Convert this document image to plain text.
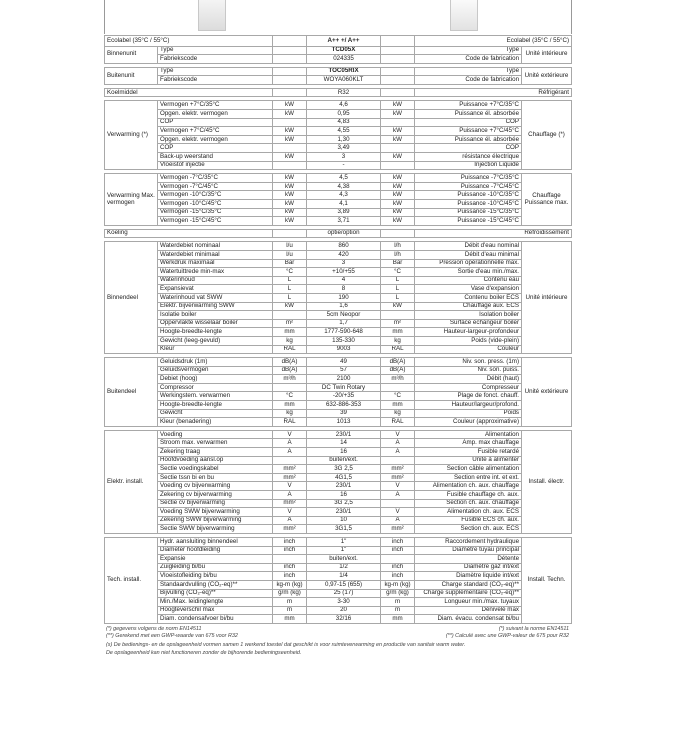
Ecolabel (35°C / 55°C)			A++ +/ A++		Ecolabel (35°C / 55°C)	
Binnenunit	Type		TCD05X		Type	Unité intérieure
	Fabriekscode		024335		Code de fabrication	

Buitenunit	Type		TOC05RIX		Type	Unité extérieure
	Fabriekscode		WOYA060KLT		Code de fabrication	

Koelmiddel			R32		Réfrigérant	

Verwarming (*)	Vermogen +7°C/35°C	kW	4,6	kW	Puissance +7°C/35°C	Chauffage (*)
	Opgen. elektr. vermogen	kW	0,95	kW	Puissance él. absorbée	
	COP		4,83		COP	
	Vermogen +7°C/45°C	kW	4,55	kW	Puissance +7°C/45°C	
	Opgen. elektr. vermogen	kW	1,30	kW	Puissance él. absorbée	
	COP		3,49		COP	
	Back-up weerstand	kW	3	kW	résistance électrique	
	Vloeistof injectie		-		Injection Liquide	

Verwarming Max. vermogen	Vermogen -7°C/35°C	kW	4,5	kW	Puissance -7°C/35°C	Chauffage Puissance max.
	Vermogen -7°C/45°C	kW	4,38	kW	Puissance -7°C/45°C	
	Vermogen -10°C/35°C	kW	4,3	kW	Puissance -10°C/35°C	
	Vermogen -10°C/45°C	kW	4,1	kW	Puissance -10°C/45°C	
	Vermogen -15°C/35°C	kW	3,89	kW	Puissance -15°C/35°C	
	Vermogen -15°C/45°C	kW	3,71	kW	Puissance -15°C/45°C	

Koeling			optie/option		Refroidissement	

Binnendeel	Waterdebiet nominaal	l/u	860	l/h	Débit d'eau nominal	Unité intérieure
	Waterdebiet minimaal	l/u	420	l/h	Débit d'eau minimal	
	Werkdruk maximaal	Bar	3	Bar	Pression opérationnelle max.	
	Watertuittrede min-max	°C	+10/+55	°C	Sortie d'eau min./max.	
	Waterinhoud	L	4	L	Contenu eau	
	Expansievat	L	8	L	Vase d'expansion	
	Waterinhoud vat SWW	L	190	L	Contenu boiler ECS	
	Elektr. bijverwarming SWW	kW	1,6	kW	Chauffage aux. ECS	
	Isolatie boiler		5cm Neopor		Isolation boiler	
	Oppervlakte wisselaar boiler	m²	1,7	m²	Surface echangeur boiler	
	Hoogte-breedte-lengte	mm	1777-590-648	mm	Hauteur-largeur-profondeur	
	Gewicht (leeg-gevuld)	kg	135-330	kg	Poids (vide-plein)	
	Kleur	RAL	9003	RAL	Couleur	

Buitendeel	Geluidsdruk (1m)	dB(A)	49	dB(A)	Niv. son. press. (1m)	Unité extérieure
	Geluidsvermogen	dB(A)	57	dB(A)	Niv. son. puiss.	
	Debiet (hoog)	m³/h	2100	m³/h	Débit (haut)	
	Compressor		DC Twin Rotary		Compresseur	
	Werkingstem. verwarmen	°C	-20/+35	°C	Plage de fonct. chauff.	
	Hoogte-breedte-lengte	mm	632-886-353	mm	Hauteur/largeur/profond.	
	Gewicht	kg	39	kg	Poids	
	Kleur (benadering)	RAL	1013	RAL	Couleur (approximative)	

Elektr. install.	Voeding	V	230/1	V	Alimentation	Install. électr.
	Stroom max. verwarmen	A	14	A	Amp. max chauffage	
	Zekering traag	A	16	A	Fusible retardé	
	Hoofdvoeding aansl.op		buiten/ext.		Unité à alimenter	
	Sectie voedingskabel	mm²	3G 2,5	mm²	Section câble alimentation	
	Sectie tssn bi en bu	mm²	4G1,5	mm²	Section entre int. et ext.	
	Voeding cv bijverwarming	V	230/1	V	Alimentation ch. aux. chauffage	
	Zekering cv bijverwarming	A	16	A	Fusible chauffage ch. aux.	
	Sectie cv bijverwarming	mm²	3G 2,5		Section ch. aux. chauffage	
	Voeding SWW bijverwarming	V	230/1	V	Alimentation ch. aux. ECS	
	Zekering SWW bijverwarming	A	10	A	Fusible ECS ch. aux.	
	Sectie SWW bijverwarming	mm²	3G1,5	mm²	Section ch. aux. ECS	

Tech. install.	Hydr. aansluiting binnendeel	inch	1"	inch	Raccordement hydraulique	Install. Techn.
	Diameter hoofdleiding	inch	1"	inch	Diamètre tuyau principal	
	Expansie		buiten/ext.		Détente	
	Zuigleiding bi/bu	inch	1/2	inch	Diamètre gaz int/ext	
	Vloeistofleiding bi/bu	inch	1/4	inch	Diamètre liquide int/ext	
	Standaardvulling (CO₂-eq)**	kg-m (kg)	0,97-15 (655)	kg-m (kg)	Charge standard (CO₂-eq)**	
	Bijvulling (CO₂-eq)**	g/m (kg)	25 (17)	g/m (kg)	Charge supplémentaire (CO₂-eq)**	
	Min./Max. leidinglengte	m	3-30	m	Longueur min./max. tuyaux	
	Hoogteverschil max	m	20	m	Dénivelé max	
	Diam. condensafvoer bi/bu	mm	32/16	mm	Diam. évacu. condensat bi/bu	
(*) gegevens volgens de norm EN14511
(**) Gerekend met een GWP-waarde van 675 voor R32
(*) suivant la norme EN14511
(**) Calculé avec une GWP-valeur de 675 pour R32
(s) De bedienings- en de opslageenheid vormen samen 1 werkend toestel dat geschikt is voor ruimteverwarming en productie van sanitair warm water.
De opslageenheid kan niet functioneren zonder de bijhorende bedieningseenheid.
